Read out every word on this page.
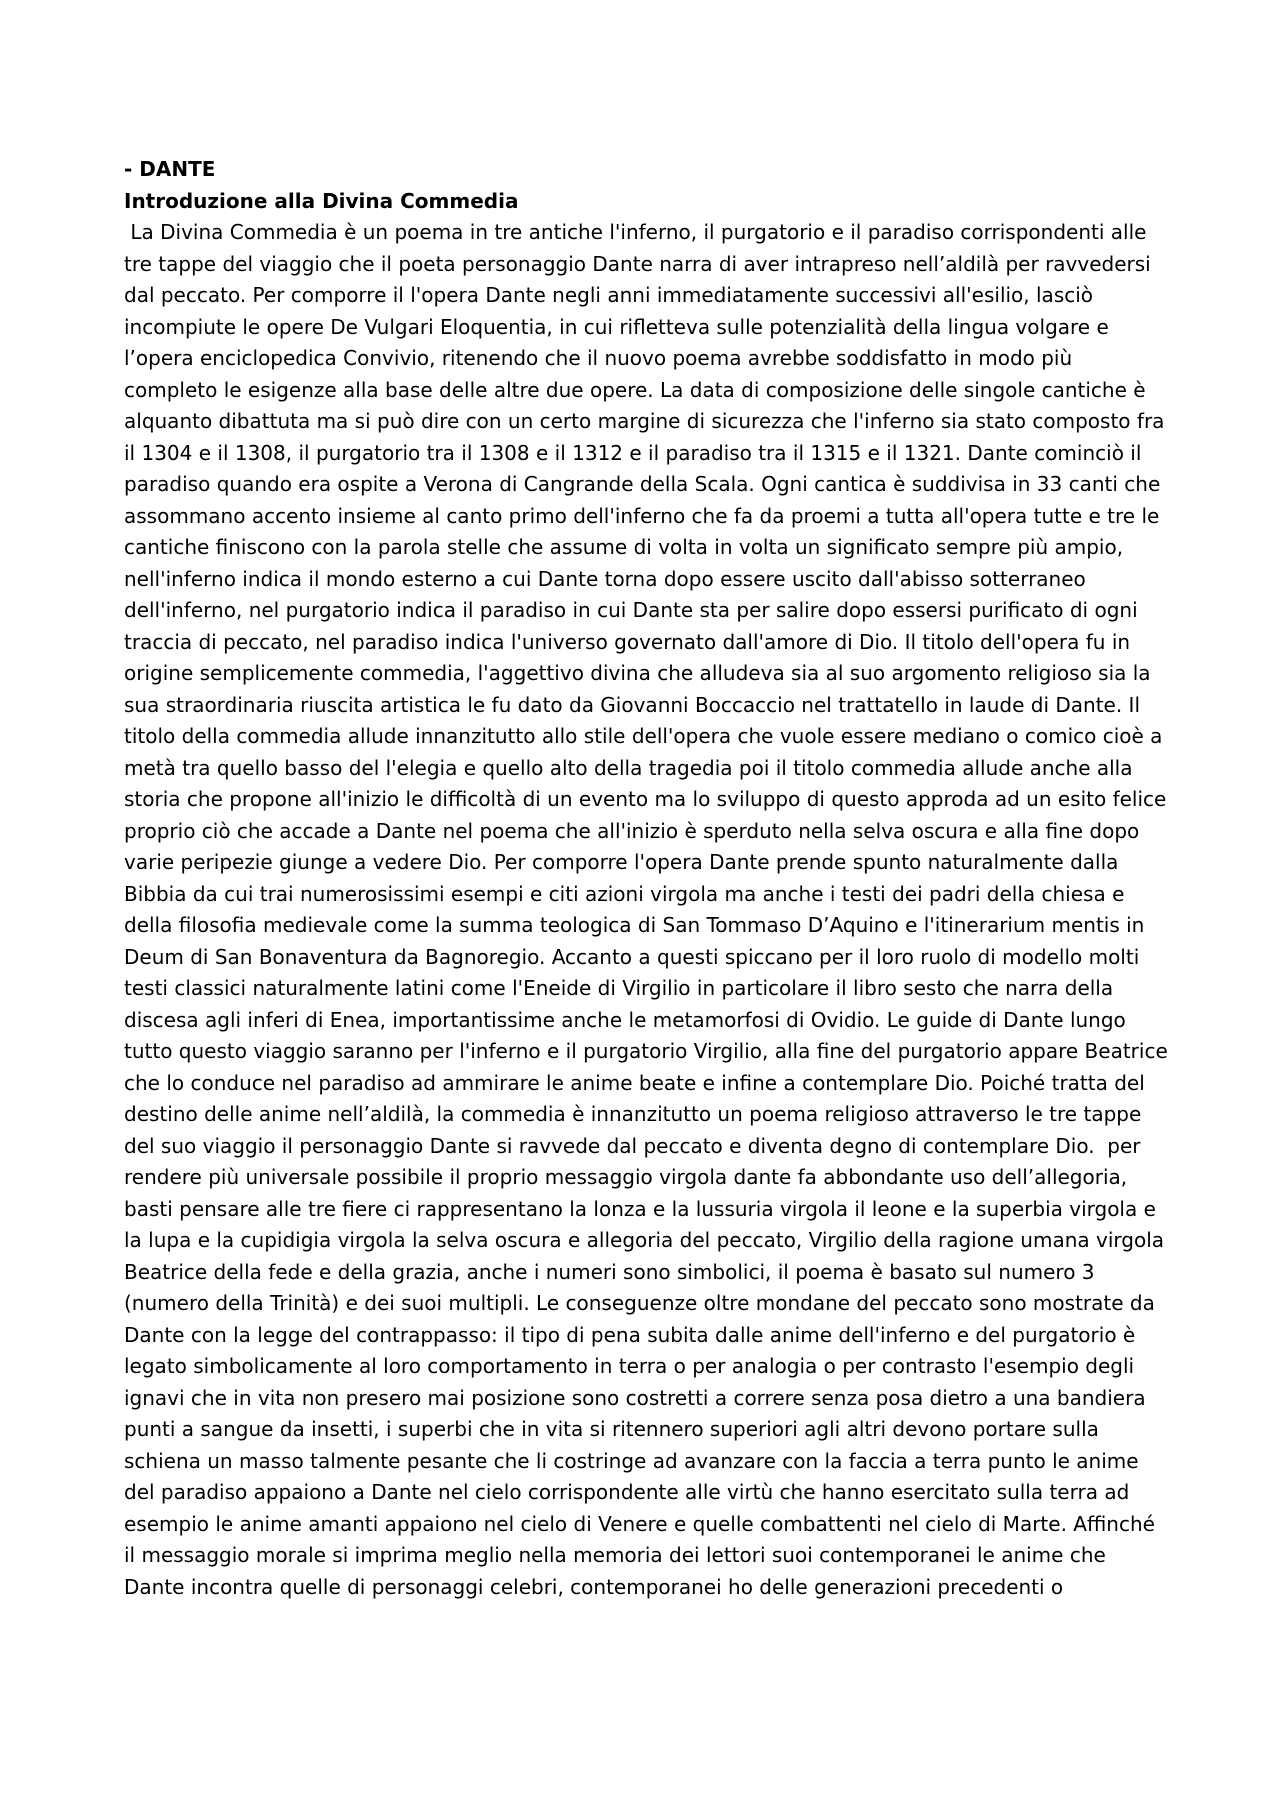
- DANTE

Introduzione alla Divina Commedia

La Divina Commedia è un poema in tre antiche l'inferno, il purgatorio e il paradiso corrispondenti alle tre tappe del viaggio che il poeta personaggio Dante narra di aver intrapreso nell’aldilà per ravvedersi dal peccato. Per comporre il l'opera Dante negli anni immediatamente successivi all'esilio, lasciò incompiute le opere De Vulgari Eloquentia, in cui rifletteva sulle potenzialità della lingua volgare e l’opera enciclopedica Convivio, ritenendo che il nuovo poema avrebbe soddisfatto in modo più completo le esigenze alla base delle altre due opere. La data di composizione delle singole cantiche è alquanto dibattuta ma si può dire con un certo margine di sicurezza che l'inferno sia stato composto fra il 1304 e il 1308, il purgatorio tra il 1308 e il 1312 e il paradiso tra il 1315 e il 1321. Dante cominciò il paradiso quando era ospite a Verona di Cangrande della Scala. Ogni cantica è suddivisa in 33 canti che assommano accento insieme al canto primo dell'inferno che fa da proemi a tutta all'opera tutte e tre le cantiche finiscono con la parola stelle che assume di volta in volta un significato sempre più ampio, nell'inferno indica il mondo esterno a cui Dante torna dopo essere uscito dall'abisso sotterraneo dell'inferno, nel purgatorio indica il paradiso in cui Dante sta per salire dopo essersi purificato di ogni traccia di peccato, nel paradiso indica l'universo governato dall'amore di Dio. Il titolo dell'opera fu in origine semplicemente commedia, l'aggettivo divina che alludeva sia al suo argomento religioso sia la sua straordinaria riuscita artistica le fu dato da Giovanni Boccaccio nel trattatello in laude di Dante. Il titolo della commedia allude innanzitutto allo stile dell'opera che vuole essere mediano o comico cioè a metà tra quello basso del l'elegia e quello alto della tragedia poi il titolo commedia allude anche alla storia che propone all'inizio le difficoltà di un evento ma lo sviluppo di questo approda ad un esito felice proprio ciò che accade a Dante nel poema che all'inizio è sperduto nella selva oscura e alla fine dopo varie peripezie giunge a vedere Dio. Per comporre l'opera Dante prende spunto naturalmente dalla Bibbia da cui trai numerosissimi esempi e citi azioni virgola ma anche i testi dei padri della chiesa e della filosofia medievale come la summa teologica di San Tommaso D’Aquino e l'itinerarium mentis in Deum di San Bonaventura da Bagnoregio. Accanto a questi spiccano per il loro ruolo di modello molti testi classici naturalmente latini come l'Eneide di Virgilio in particolare il libro sesto che narra della discesa agli inferi di Enea, importantissime anche le metamorfosi di Ovidio. Le guide di Dante lungo tutto questo viaggio saranno per l'inferno e il purgatorio Virgilio, alla fine del purgatorio appare Beatrice che lo conduce nel paradiso ad ammirare le anime beate e infine a contemplare Dio. Poiché tratta del destino delle anime nell’aldilà, la commedia è innanzitutto un poema religioso attraverso le tre tappe del suo viaggio il personaggio Dante si ravvede dal peccato e diventa degno di contemplare Dio.  per rendere più universale possibile il proprio messaggio virgola dante fa abbondante uso dell’allegoria, basti pensare alle tre fiere ci rappresentano la lonza e la lussuria virgola il leone e la superbia virgola e la lupa e la cupidigia virgola la selva oscura e allegoria del peccato, Virgilio della ragione umana virgola Beatrice della fede e della grazia, anche i numeri sono simbolici, il poema è basato sul numero 3 (numero della Trinità) e dei suoi multipli. Le conseguenze oltre mondane del peccato sono mostrate da Dante con la legge del contrappasso: il tipo di pena subita dalle anime dell'inferno e del purgatorio è legato simbolicamente al loro comportamento in terra o per analogia o per contrasto l'esempio degli ignavi che in vita non presero mai posizione sono costretti a correre senza posa dietro a una bandiera punti a sangue da insetti, i superbi che in vita si ritennero superiori agli altri devono portare sulla schiena un masso talmente pesante che li costringe ad avanzare con la faccia a terra punto le anime del paradiso appaiono a Dante nel cielo corrispondente alle virtù che hanno esercitato sulla terra ad esempio le anime amanti appaiono nel cielo di Venere e quelle combattenti nel cielo di Marte. Affinché il messaggio morale si imprima meglio nella memoria dei lettori suoi contemporanei le anime che Dante incontra quelle di personaggi celebri, contemporanei ho delle generazioni precedenti o
